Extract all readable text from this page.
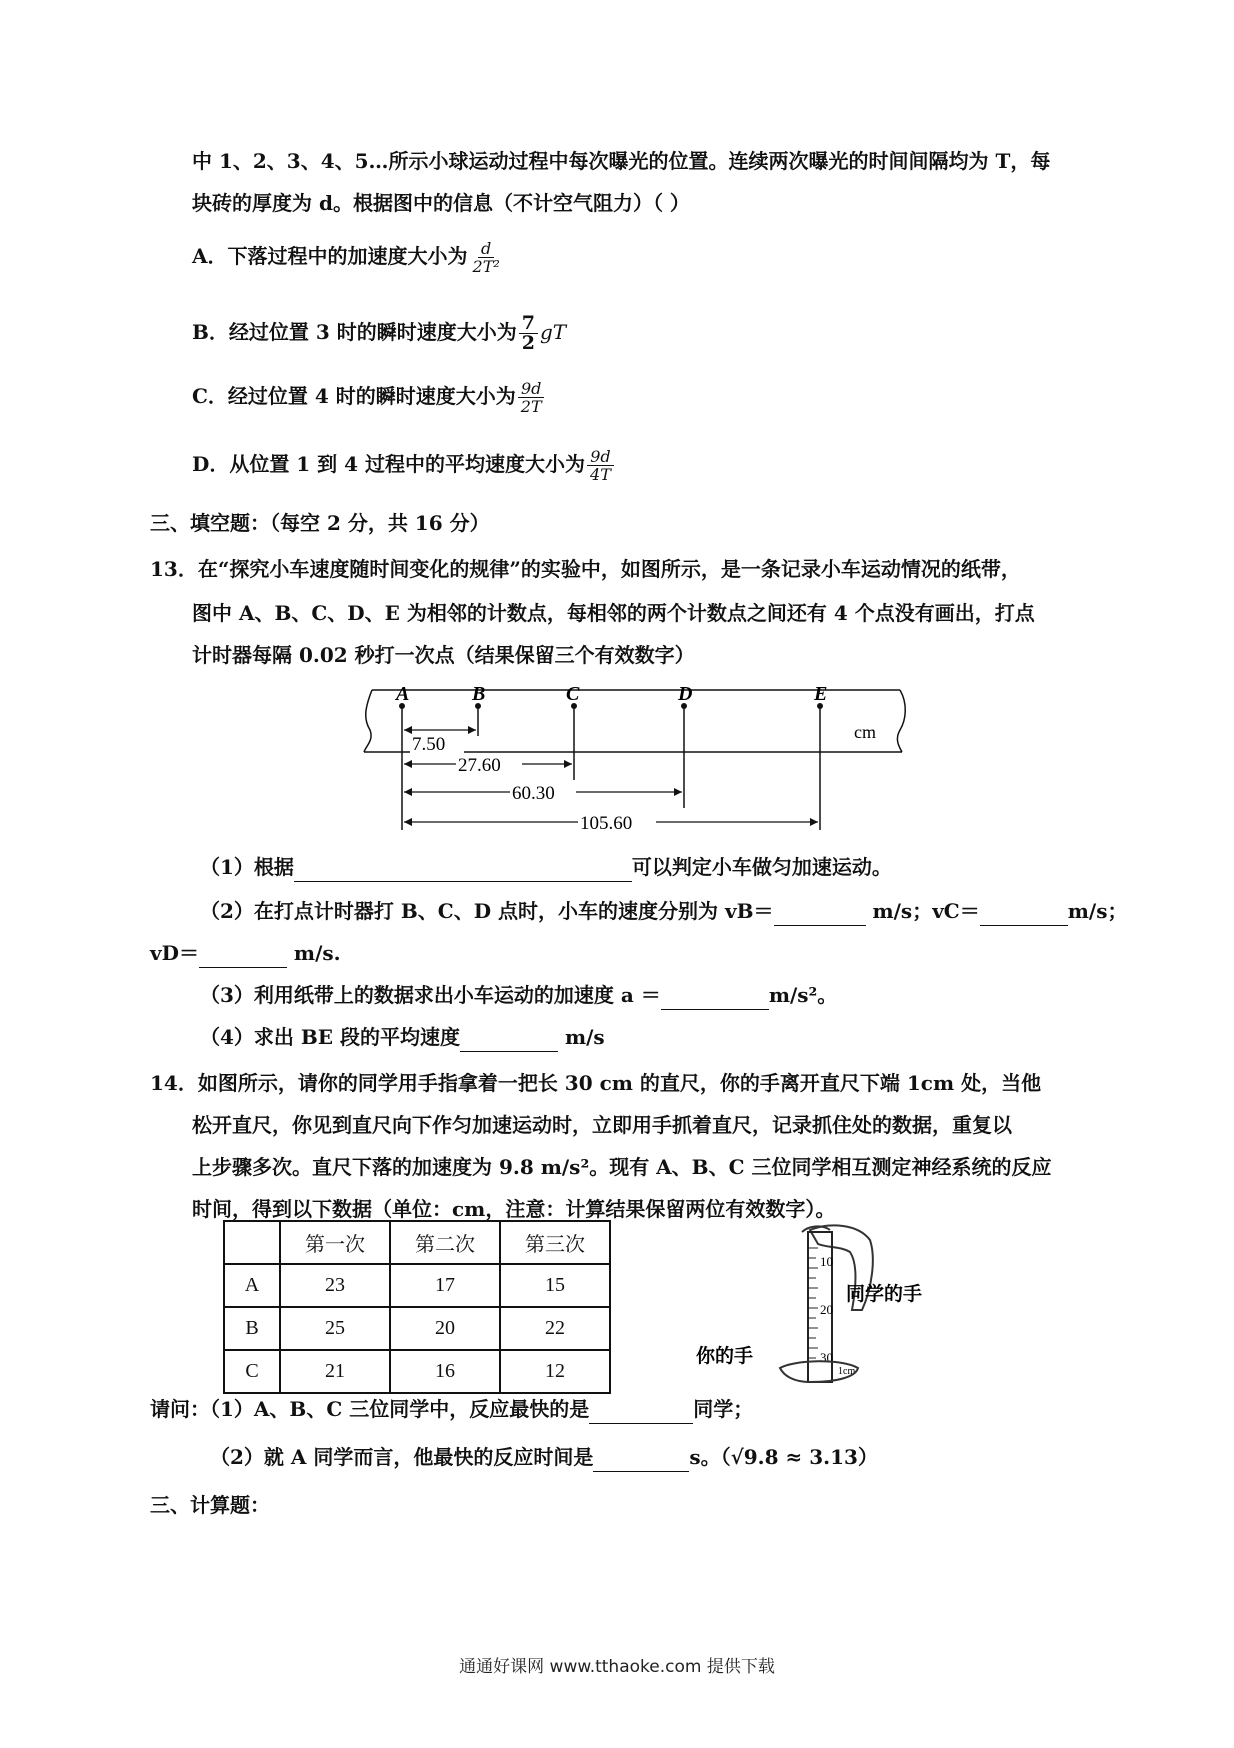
中 1、2、3、4、5…所示小球运动过程中每次曝光的位置。连续两次曝光的时间间隔均为 T，每
块砖的厚度为 d。根据图中的信息（不计空气阻力）（ ）
A．下落过程中的加速度大小为 $\frac{d}{\text{2T²}}$
B．经过位置 3 时的瞬时速度大小为 $\frac{7}{2}$ gT
C．经过位置 4 时的瞬时速度大小为 $\frac{9d}{2T}$
D．从位置 1 到 4 过程中的平均速度大小为 $\frac{9d}{4T}$
三、填空题：（每空 2 分，共 16 分）
13．在“探究小车速度随时间变化的规律”的实验中，如图所示，是一条记录小车运动情况的纸带，
图中 A、B、C、D、E 为相邻的计数点，每相邻的两个计数点之间还有 4 个点没有画出，打点
计时器每隔 0.02 秒打一次点（结果保留三个有效数字）
A	B	C	D	E
7.50
27.60
60.30
105.60
cm
（1）根据	可以判定小车做匀加速运动。
（2）在打点计时器打 B、C、D 点时，小车的速度分别为 vB＝	m/s；vC＝	m/s；
vD＝	m/s.
（3）利用纸带上的数据求出小车运动的加速度 a ＝	m/s²。
（4）求出 BE 段的平均速度	m/s
14．如图所示，请你的同学用手指拿着一把长 30 cm 的直尺，你的手离开直尺下端 1cm 处，当他
松开直尺，你见到直尺向下作匀加速运动时，立即用手抓着直尺，记录抓住处的数据，重复以
上步骤多次。直尺下落的加速度为 9.8 m/s²。现有 A、B、C 三位同学相互测定神经系统的反应
时间，得到以下数据（单位：cm，注意：计算结果保留两位有效数字）。
	第一次	第二次	第三次
A	23	17	15
B	25	20	22
C	21	16	12
10
20
30
1cm
同学的手
你的手
请问：（1）A、B、C 三位同学中，反应最快的是	同学；
（2）就 A 同学而言，他最快的反应时间是	s。（√9.8 ≈ 3.13）
三、计算题：
通通好课网 www.tthaoke.com 提供下载
